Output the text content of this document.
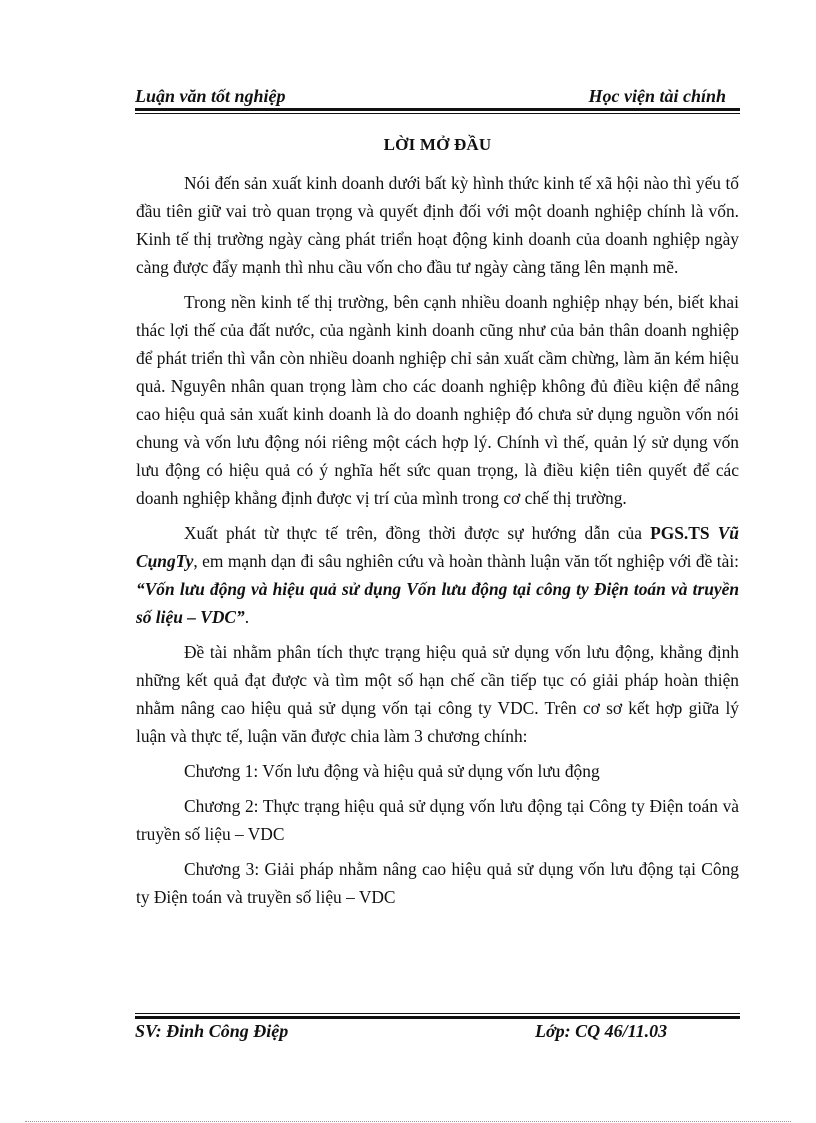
Luận văn tốt nghiệp	Học viện tài chính
LỜI MỞ ĐẦU

Nói đến sản xuất kinh doanh dưới bất kỳ hình thức kinh tế xã hội nào thì yếu tố đầu tiên giữ vai trò quan trọng và quyết định đối với một doanh nghiệp chính là vốn. Kinh tế thị trường ngày càng phát triển hoạt động kinh doanh của doanh nghiệp ngày càng được đẩy mạnh thì nhu cầu vốn cho đầu tư ngày càng tăng lên mạnh mẽ.

Trong nền kinh tế thị trường, bên cạnh nhiều doanh nghiệp nhạy bén, biết khai thác lợi thế của đất nước, của ngành kinh doanh cũng như của bản thân doanh nghiệp để phát triển thì vẫn còn nhiều doanh nghiệp chỉ sản xuất cầm chừng, làm ăn kém hiệu quả. Nguyên nhân quan trọng làm cho các doanh nghiệp không đủ điều kiện để nâng cao hiệu quả sản xuất kinh doanh là do doanh nghiệp đó chưa sử dụng nguồn vốn nói chung và vốn lưu động nói riêng một cách hợp lý. Chính vì thế, quản lý sử dụng vốn lưu động có hiệu quả có ý nghĩa hết sức quan trọng, là điều kiện tiên quyết để các doanh nghiệp khẳng định được vị trí của mình trong cơ chế thị trường.

Xuất phát từ thực tế trên, đồng thời được sự hướng dẫn của PGS.TS Vũ CụngTy, em mạnh dạn đi sâu nghiên cứu và hoàn thành luận văn tốt nghiệp với đề tài: “Vốn lưu động và hiệu quả sử dụng Vốn lưu động tại công ty Điện toán và truyền số liệu – VDC”.

Đề tài nhằm phân tích thực trạng hiệu quả sử dụng vốn lưu động, khẳng định những kết quả đạt được và tìm một số hạn chế cần tiếp tục có giải pháp hoàn thiện nhằm nâng cao hiệu quả sử dụng vốn tại công ty VDC. Trên cơ sơ kết hợp giữa lý luận và thực tế, luận văn được chia làm 3 chương chính:

Chương 1: Vốn lưu động và hiệu quả sử dụng vốn lưu động

Chương 2: Thực trạng hiệu quả sử dụng vốn lưu động tại Công ty Điện toán và truyền số liệu – VDC

Chương 3: Giải pháp nhằm nâng cao hiệu quả sử dụng vốn lưu động tại Công ty Điện toán và truyền số liệu – VDC

SV: Đinh Công Điệp	Lớp: CQ 46/11.03
